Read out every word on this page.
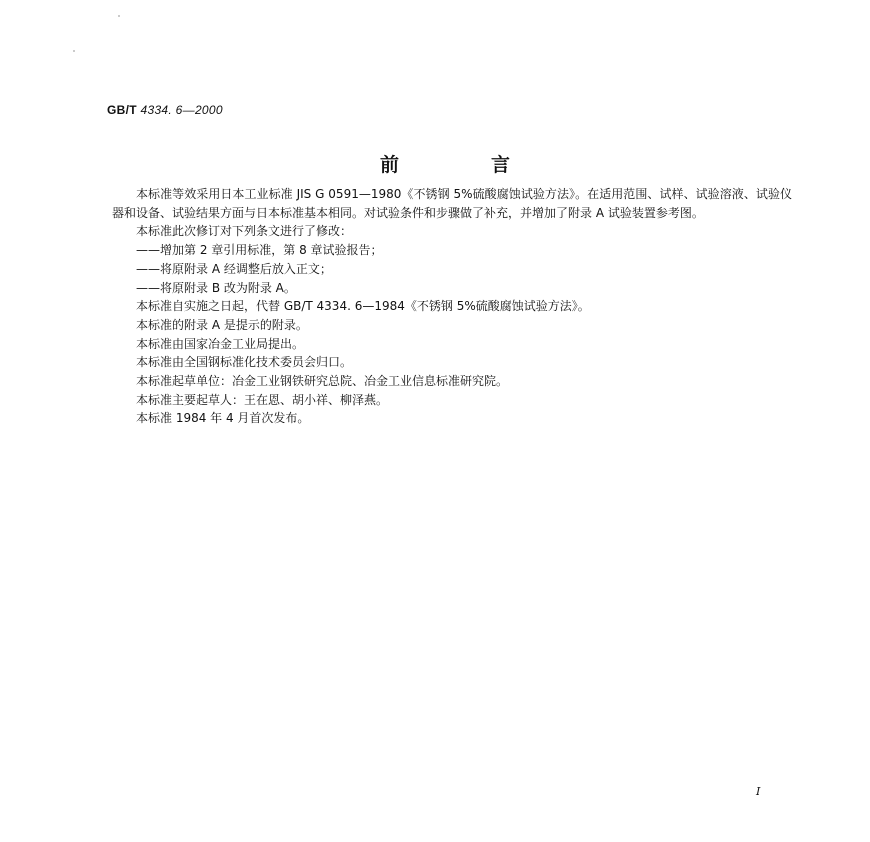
GB/T 4334. 6—2000
前	言

本标准等效采用日本工业标准 JIS G 0591—1980《不锈钢 5%硫酸腐蚀试验方法》。在适用范围、试样、试验溶液、试验仪器和设备、试验结果方面与日本标准基本相同。对试验条件和步骤做了补充，并增加了附录 A 试验装置参考图。

本标准此次修订对下列条文进行了修改：

——增加第 2 章引用标准，第 8 章试验报告；

——将原附录 A 经调整后放入正文；

——将原附录 B 改为附录 A。

本标准自实施之日起，代替 GB/T 4334. 6—1984《不锈钢 5%硫酸腐蚀试验方法》。

本标准的附录 A 是提示的附录。

本标准由国家冶金工业局提出。

本标准由全国钢标准化技术委员会归口。

本标准起草单位：冶金工业钢铁研究总院、冶金工业信息标准研究院。

本标准主要起草人：王在恩、胡小祥、柳泽燕。

本标准 1984 年 4 月首次发布。

I
